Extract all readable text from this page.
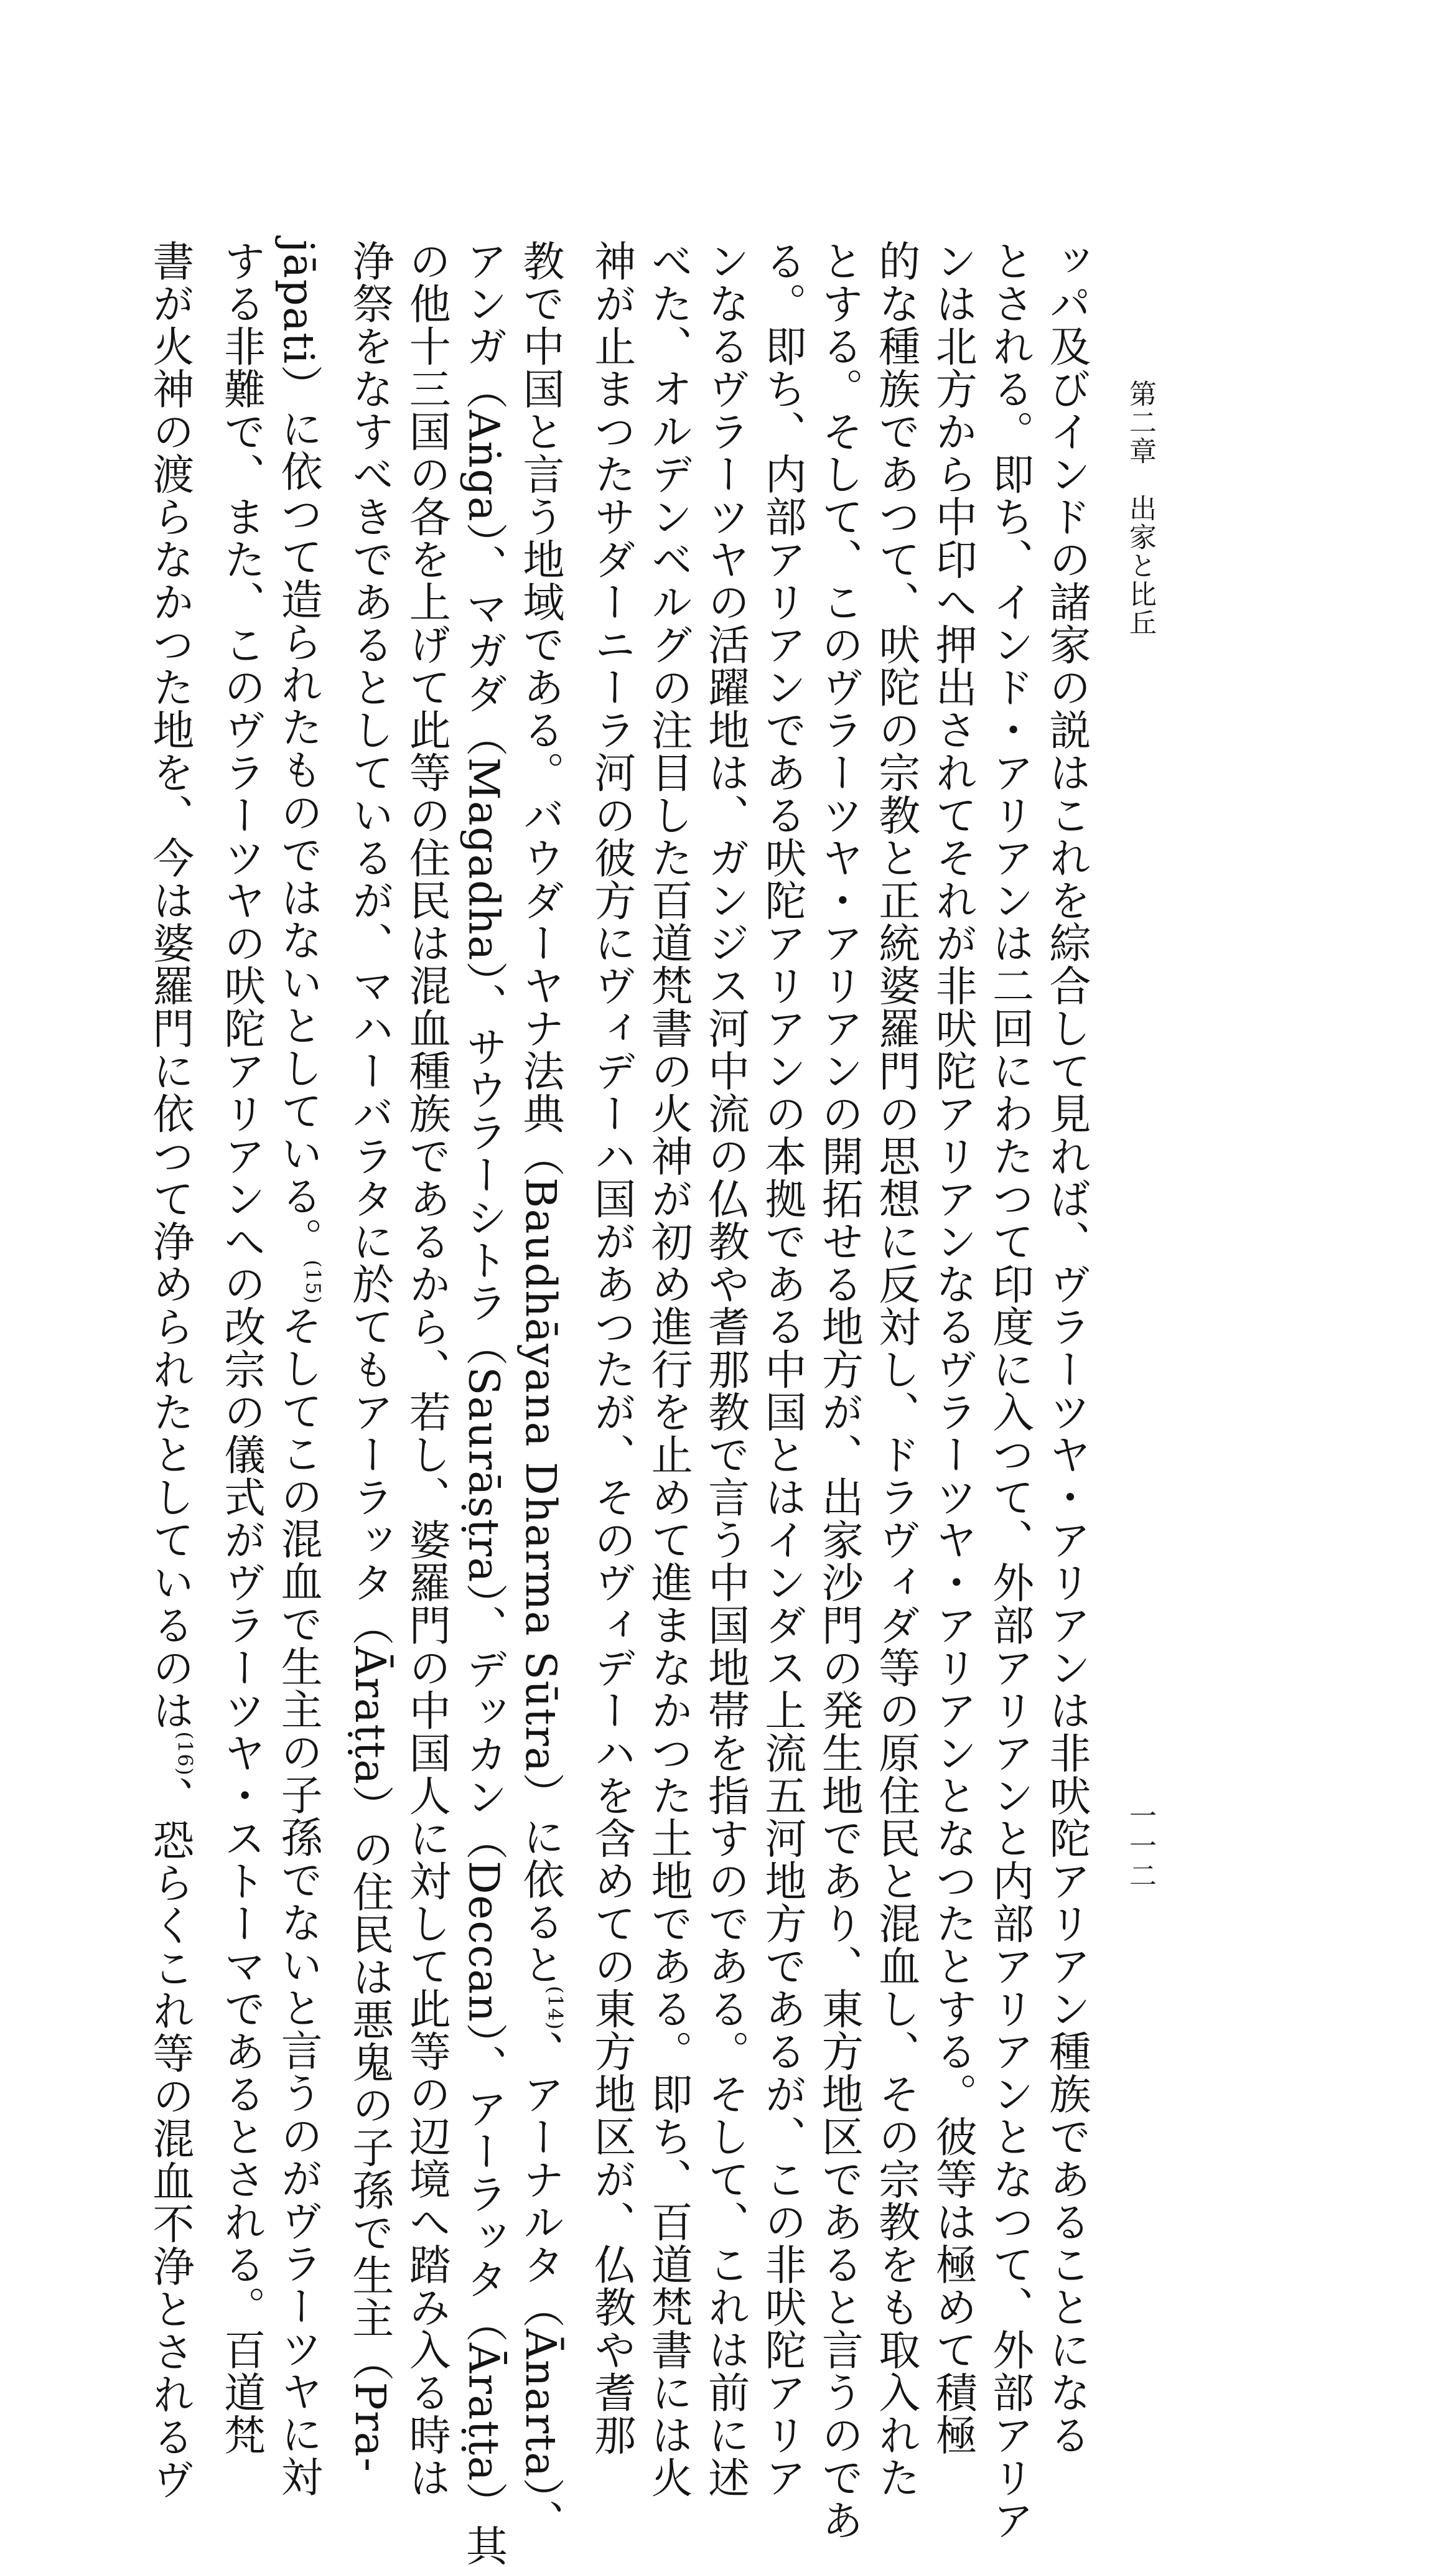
第二章　出家と比丘
一一二
ッパ及びインドの諸家の説はこれを綜合して見れば、ヴラーツヤ・アリアンは非吠陀アリアン種族であることになる
とされる。即ち、インド・アリアンは二回にわたつて印度に入つて、外部アリアンと内部アリアンとなつて、外部アリア
ンは北方から中印へ押出されてそれが非吠陀アリアンなるヴラーツヤ・アリアンとなつたとする。彼等は極めて積極
的な種族であつて、吠陀の宗教と正統婆羅門の思想に反対し、ドラヴィダ等の原住民と混血し、その宗教をも取入れた
とする。そして、このヴラーツヤ・アリアンの開拓せる地方が、出家沙門の発生地であり、東方地区であると言うのであ
る。即ち、内部アリアンである吠陀アリアンの本拠である中国とはインダス上流五河地方であるが、この非吠陀アリア
ンなるヴラーツヤの活躍地は、ガンジス河中流の仏教や耆那教で言う中国地帯を指すのである。そして、これは前に述
べた、オルデンベルグの注目した百道梵書の火神が初め進行を止めて進まなかつた土地である。即ち、百道梵書には火
神が止まつたサダーニーラ河の彼方にヴィデーハ国があつたが、そのヴィデーハを含めての東方地区が、仏教や耆那
教で中国と言う地域である。バウダーヤナ法典（Baudhāyana Dharma Sūtra）に依ると$^{(14)}$、アーナルタ（Ānarta）、
アンガ（Aṅga）、マガダ（Magadha）、サウラーシトラ（Saurāṣṭra）、デッカン（Deccan）、アーラッタ（Āraṭṭa）其
の他十三国の各を上げて此等の住民は混血種族であるから、若し、婆羅門の中国人に対して此等の辺境へ踏み入る時は
浄祭をなすべきであるとしているが、マハーバラタに於てもアーラッタ（Āraṭṭa）の住民は悪鬼の子孫で生主（Pra-
jāpati）に依つて造られたものではないとしている。$^{(15)}$そしてこの混血で生主の子孫でないと言うのがヴラーツヤに対
する非難で、また、このヴラーツヤの吠陀アリアンへの改宗の儀式がヴラーツヤ・ストーマであるとされる。百道梵
書が火神の渡らなかつた地を、今は婆羅門に依つて浄められたとしているのは$^{(16)}$、恐らくこれ等の混血不浄とされるヴ
